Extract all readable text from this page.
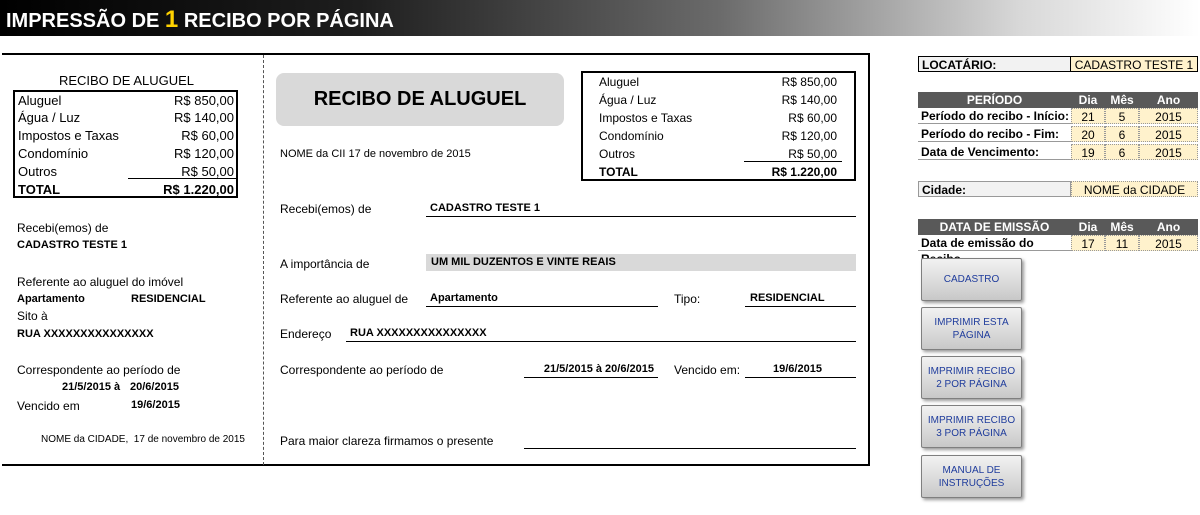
IMPRESSÃO DE 1 RECIBO POR PÁGINA
RECIBO DE ALUGUEL
Aluguel	R$ 850,00
Água / Luz	R$ 140,00
Impostos e Taxas	R$ 60,00
Condomínio	R$ 120,00
Outros	R$ 50,00
TOTAL	R$ 1.220,00
Recebi(emos) de
CADASTRO TESTE 1
Referente ao aluguel do imóvel
Apartamento	RESIDENCIAL
Sito à
RUA XXXXXXXXXXXXXXX
Correspondente ao período de
21/5/2015 à 20/6/2015
Vencido em	19/6/2015
NOME da CIDADE,  17 de novembro de 2015
RECIBO DE ALUGUEL
Aluguel	R$ 850,00
Água / Luz	R$ 140,00
Impostos e Taxas	R$ 60,00
Condomínio	R$ 120,00
Outros	R$ 50,00
TOTAL	R$ 1.220,00
NOME da CII 17 de novembro de 2015
Recebi(emos) de	CADASTRO TESTE 1
A importância de	UM MIL DUZENTOS E VINTE REAIS
Referente ao aluguel de	Apartamento	Tipo:	RESIDENCIAL
Endereço	RUA XXXXXXXXXXXXXXX
Correspondente ao período de	21/5/2015 à 20/6/2015	Vencido em:	19/6/2015
Para maior clareza firmamos o presente
LOCATÁRIO:	CADASTRO TESTE 1
PERÍODO	Dia	Mês	Ano
Período do recibo - Início:	21	5	2015
Período do recibo - Fim:	20	6	2015
Data de Vencimento:	19	6	2015
Cidade:	NOME da CIDADE
DATA DE EMISSÃO	Dia	Mês	Ano
Data de emissão do	17	11	2015
CADASTRO
IMPRIMIR ESTA PÁGINA
IMPRIMIR RECIBO 2 POR PÁGINA
IMPRIMIR RECIBO 3 POR PÁGINA
MANUAL DE INSTRUÇÕES
